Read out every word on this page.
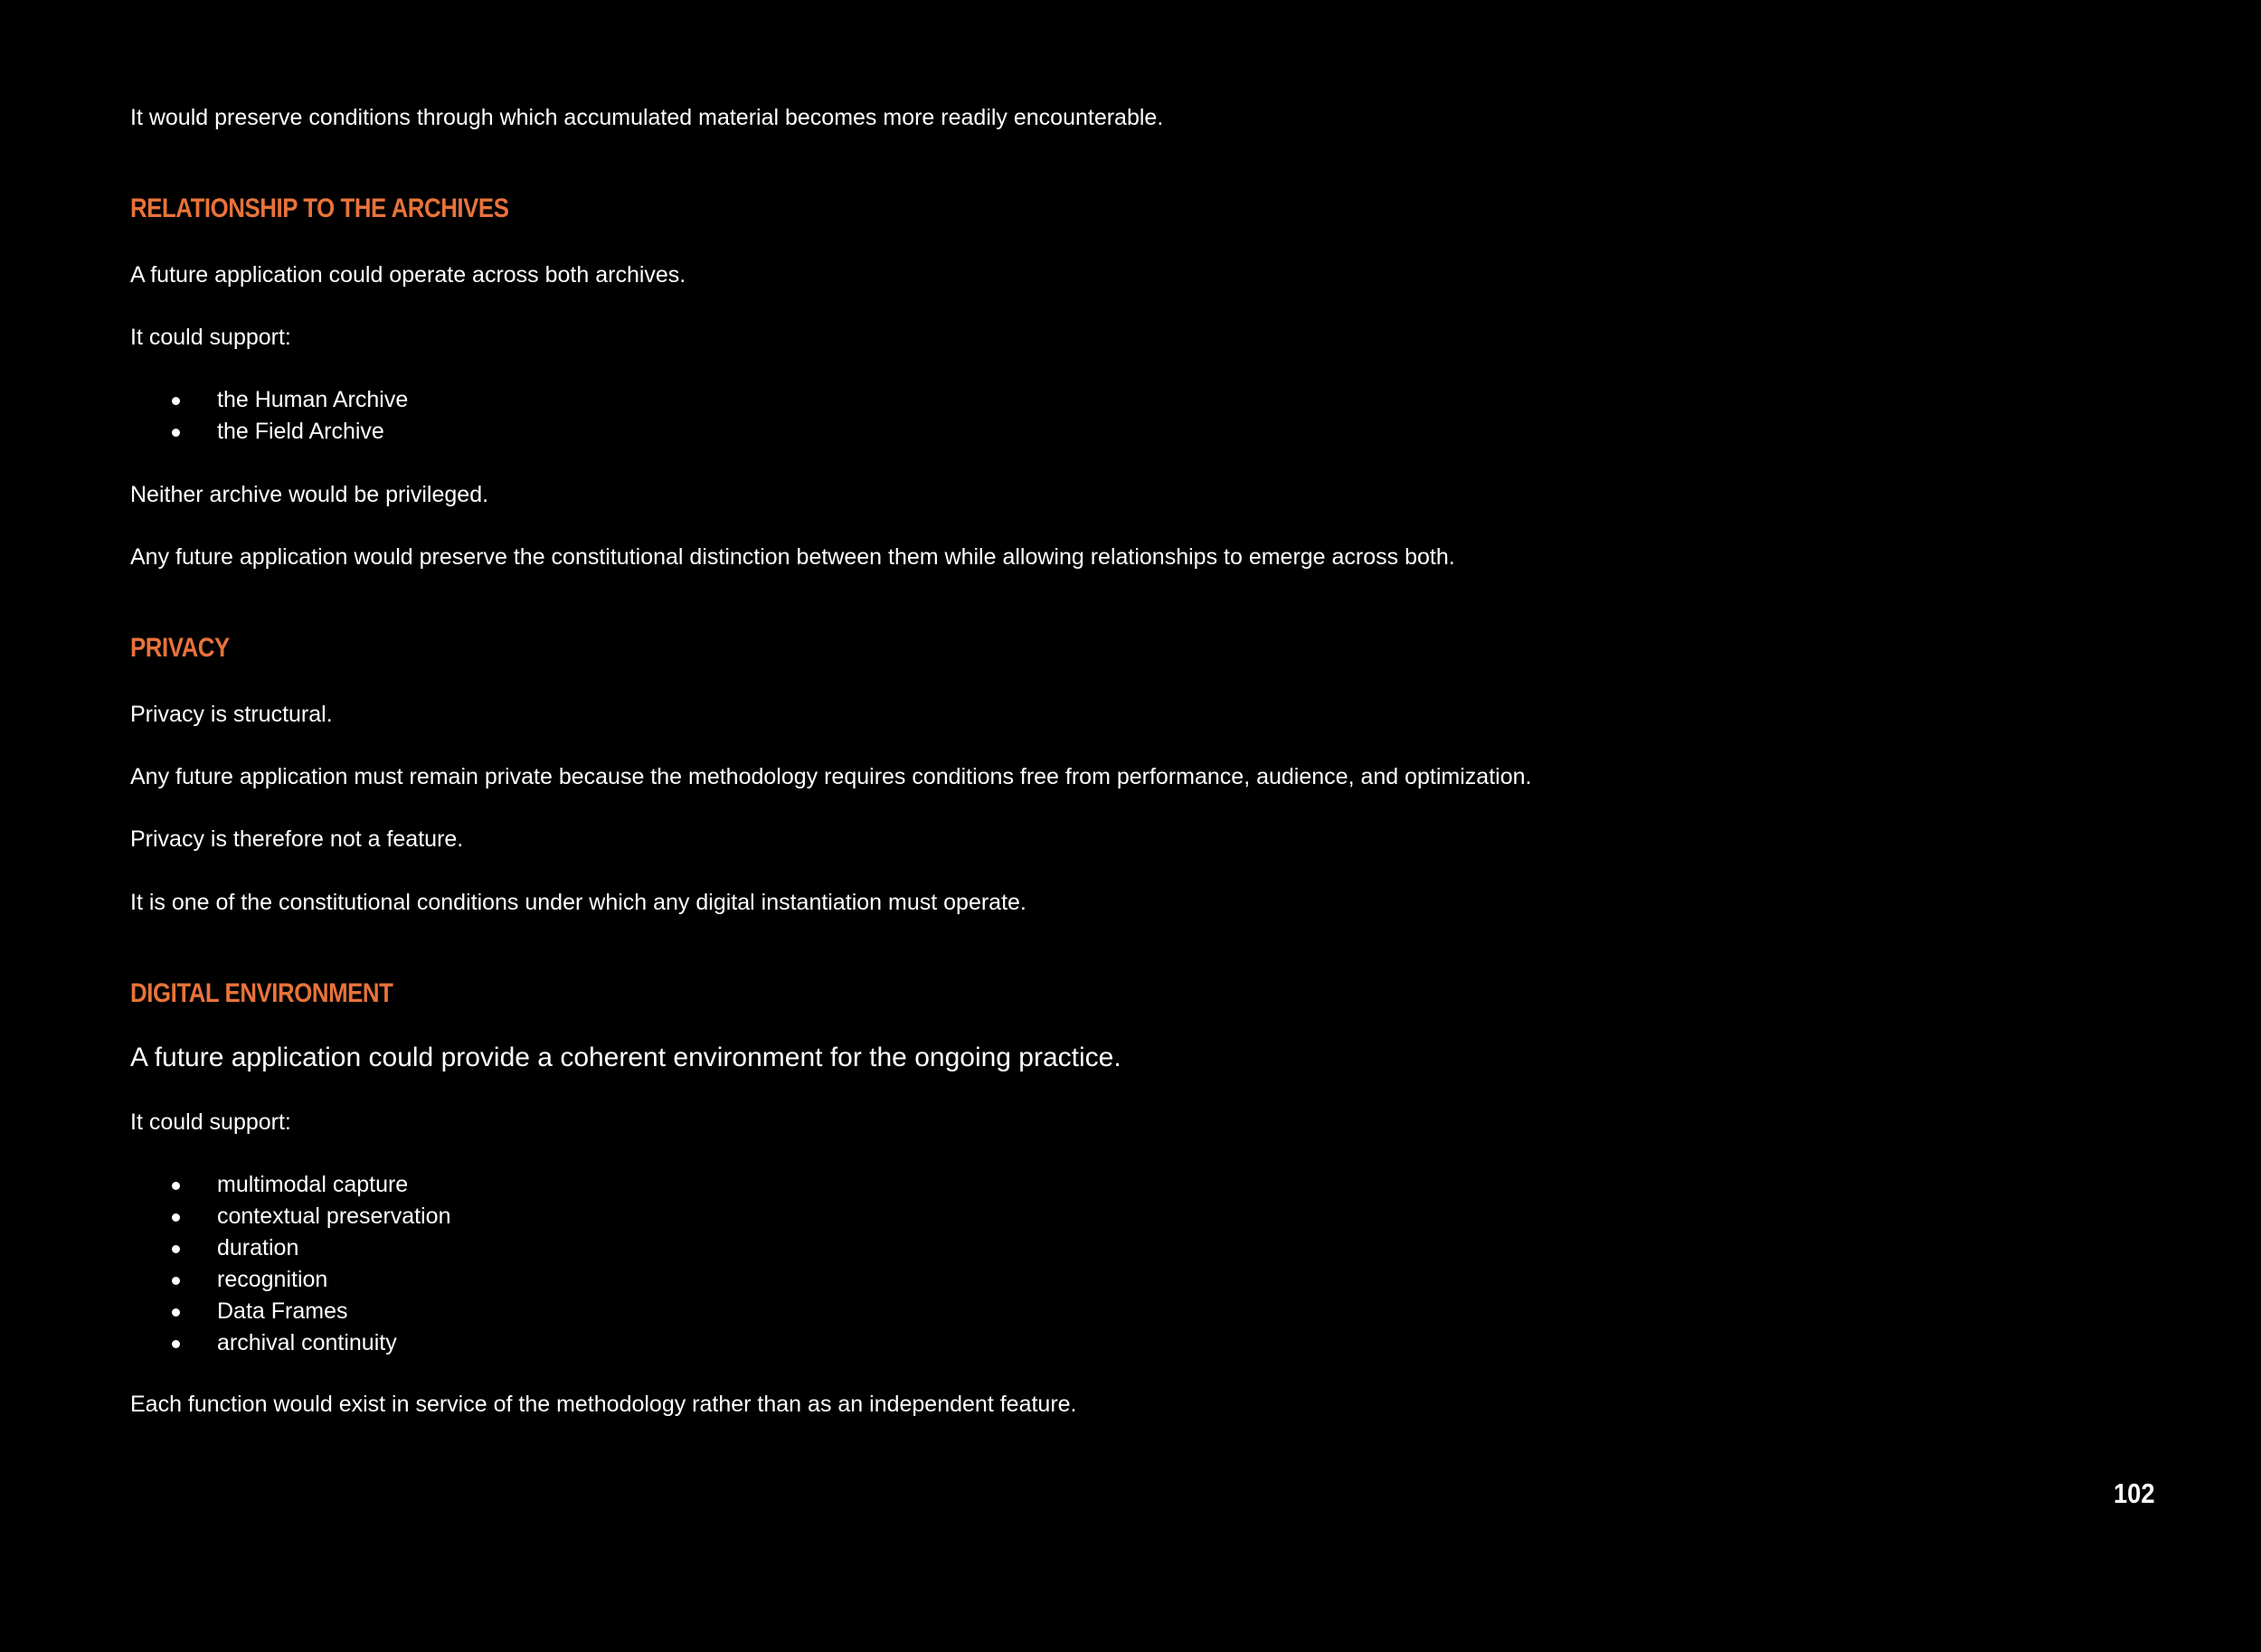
It would preserve conditions through which accumulated material becomes more readily encounterable.
RELATIONSHIP TO THE ARCHIVES
A future application could operate across both archives.
It could support:
the Human Archive
the Field Archive
Neither archive would be privileged.
Any future application would preserve the constitutional distinction between them while allowing relationships to emerge across both.
PRIVACY
Privacy is structural.
Any future application must remain private because the methodology requires conditions free from performance, audience, and optimization.
Privacy is therefore not a feature.
It is one of the constitutional conditions under which any digital instantiation must operate.
DIGITAL ENVIRONMENT
A future application could provide a coherent environment for the ongoing practice.
It could support:
multimodal capture
contextual preservation
duration
recognition
Data Frames
archival continuity
Each function would exist in service of the methodology rather than as an independent feature.
102
